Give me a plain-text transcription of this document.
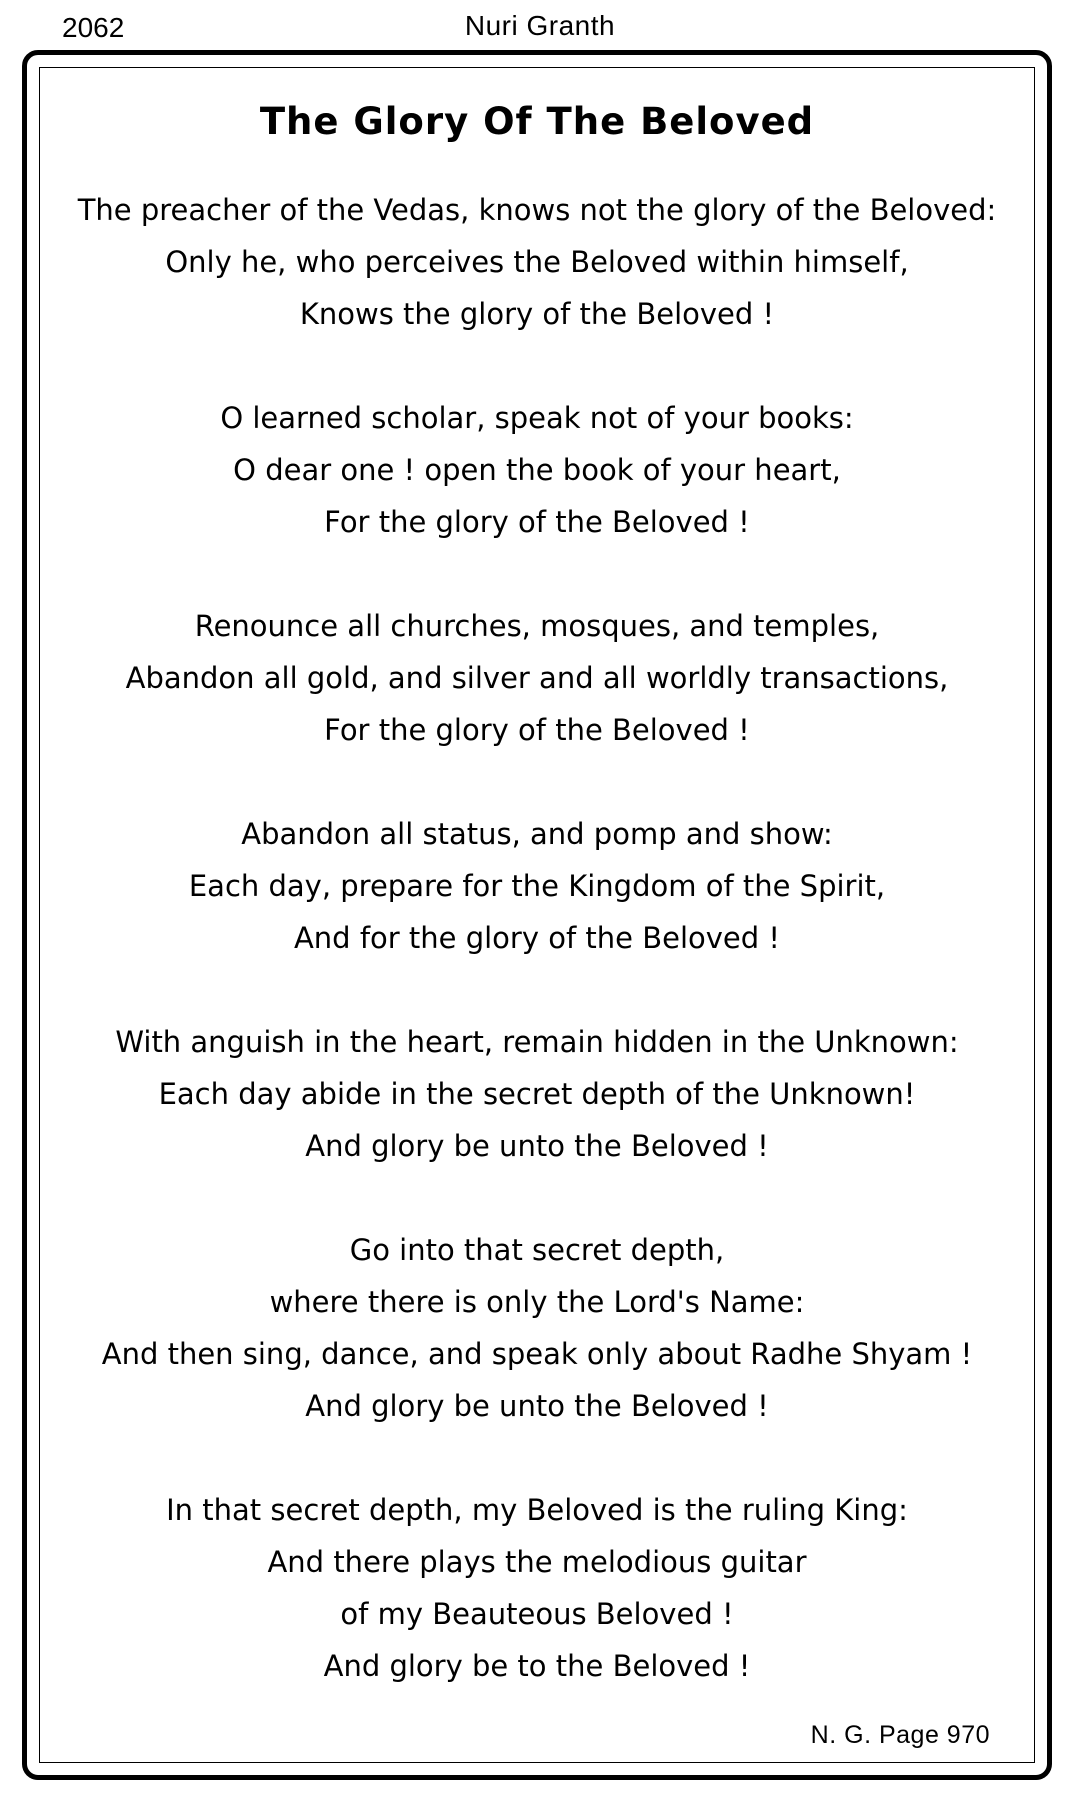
2062	Nuri Granth
The Glory Of The Beloved

The preacher of the Vedas, knows not the glory of the Beloved:
Only he, who perceives the Beloved within himself,
Knows the glory of the Beloved !

O learned scholar, speak not of your books:
O dear one ! open the book of your heart,
For the glory of the Beloved !

Renounce all churches, mosques, and temples,
Abandon all gold, and silver and all worldly transactions,
For the glory of the Beloved !

Abandon all status, and pomp and show:
Each day, prepare for the Kingdom of the Spirit,
And for the glory of the Beloved !

With anguish in the heart, remain hidden in the Unknown:
Each day abide in the secret depth of the Unknown!
And glory be unto the Beloved !

Go into that secret depth,
where there is only the Lord's Name:
And then sing, dance, and speak only about Radhe Shyam !
And glory be unto the Beloved !

In that secret depth, my Beloved is the ruling King:
And there plays the melodious guitar
of my Beauteous Beloved !
And glory be to the Beloved !

N. G. Page 970
